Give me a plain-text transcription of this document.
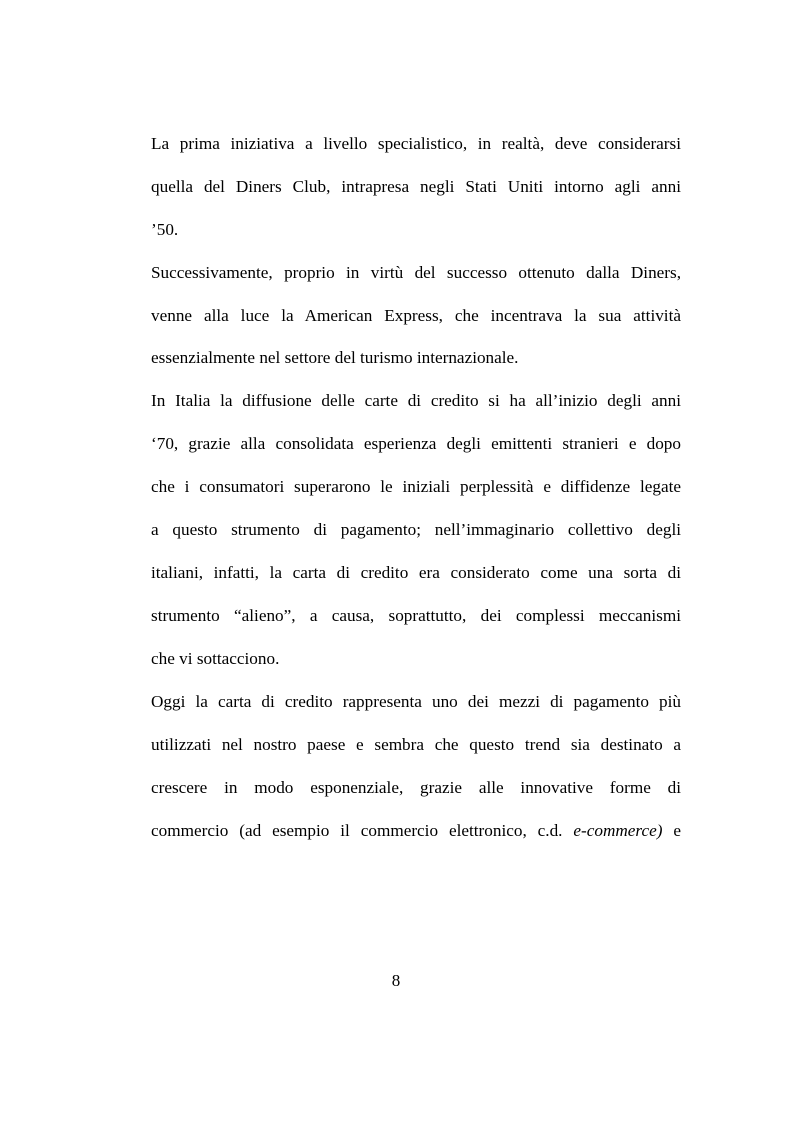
La prima iniziativa a livello specialistico, in realtà, deve considerarsi
quella del Diners Club, intrapresa negli Stati Uniti intorno agli anni
’50.
Successivamente, proprio in virtù del successo ottenuto dalla Diners,
venne alla luce la American Express, che incentrava la sua attività
essenzialmente nel settore del turismo internazionale.
In Italia la diffusione delle carte di credito si ha all’inizio degli anni
‘70, grazie alla consolidata esperienza degli emittenti stranieri e dopo
che i consumatori superarono le iniziali perplessità e diffidenze legate
a questo strumento di pagamento; nell’immaginario collettivo degli
italiani, infatti, la carta di credito era considerato come una sorta di
strumento “alieno”, a causa, soprattutto, dei complessi meccanismi
che vi sottacciono.
Oggi la carta di credito rappresenta uno dei mezzi di pagamento più
utilizzati nel nostro paese e sembra che questo trend sia destinato a
crescere in modo esponenziale, grazie alle innovative forme di
commercio (ad esempio il commercio elettronico, c.d. e-commerce) e
8
